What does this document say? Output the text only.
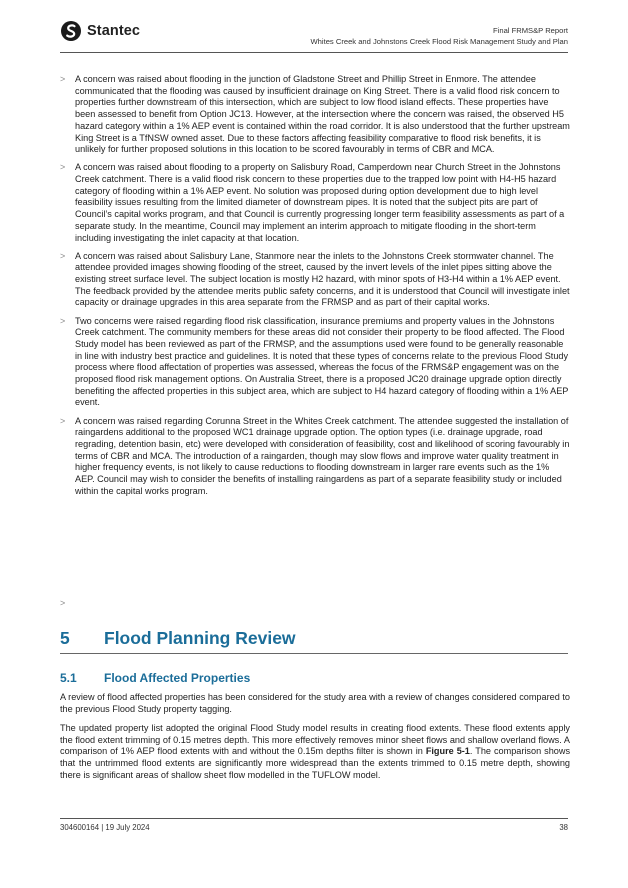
Stantec	Final FRMS&P Report
Whites Creek and Johnstons Creek Flood Risk Management Study and Plan
>	A concern was raised about flooding in the junction of Gladstone Street and Phillip Street in Enmore. The attendee communicated that the flooding was caused by insufficient drainage on King Street. There is a valid flood risk concern to properties further downstream of this intersection, which are subject to low flood island effects. These properties have been assessed to benefit from Option JC13. However, at the intersection where the concern was raised, the observed H5 hazard category within a 1% AEP event is contained within the road corridor. It is also understood that the further upstream King Street is a TfNSW owned asset. Due to these factors affecting feasibility comparative to flood risk benefits, it is unlikely for further proposed solutions in this location to be scored favourably in terms of CBR and MCA.
>	A concern was raised about flooding to a property on Salisbury Road, Camperdown near Church Street in the Johnstons Creek catchment. There is a valid flood risk concern to these properties due to the trapped low point with H4-H5 hazard category of flooding within a 1% AEP event. No solution was proposed during option development due to high level feasibility issues resulting from the limited diameter of downstream pipes. It is noted that the subject pits are part of Council’s capital works program, and that Council is currently progressing longer term feasibility assessments as part of a separate study. In the meantime, Council may implement an interim approach to mitigate flooding in the short-term including investigating the inlet capacity at that location.
>	A concern was raised about Salisbury Lane, Stanmore near the inlets to the Johnstons Creek stormwater channel. The attendee provided images showing flooding of the street, caused by the invert levels of the inlet pipes sitting above the existing street surface level. The subject location is mostly H2 hazard, with minor spots of H3-H4 within a 1% AEP event. The feedback provided by the attendee merits public safety concerns, and it is understood that Council will investigate inlet capacity or drainage upgrades in this area separate from the FRMSP and as part of their capital works.
>	Two concerns were raised regarding flood risk classification, insurance premiums and property values in the Johnstons Creek catchment. The community members for these areas did not consider their property to be flood affected. The Flood Study model has been reviewed as part of the FRMSP, and the assumptions used were found to be generally reasonable in line with industry best practice and guidelines. It is noted that these types of concerns relate to the previous Flood Study process where flood affectation of properties was assessed, whereas the focus of the FRMS&P engagement was on the proposed flood risk management options. On Australia Street, there is a proposed JC20 drainage upgrade option directly benefiting the affected properties in this subject area, which are subject to H4 hazard category of flooding within a 1% AEP event.
>	A concern was raised regarding Corunna Street in the Whites Creek catchment. The attendee suggested the installation of raingardens additional to the proposed WC1 drainage upgrade option. The option types (i.e. drainage upgrade, road regrading, detention basin, etc) were developed with consideration of feasibility, cost and likelihood of scoring favourably in terms of CBR and MCA. The introduction of a raingarden, though may slow flows and improve water quality treatment in higher frequency events, is not likely to cause reductions to flooding downstream in larger rare events such as the 1% AEP. Council may wish to consider the benefits of installing raingardens as part of a separate feasibility study or included within the capital works program.
>
5 Flood Planning Review
5.1 Flood Affected Properties
A review of flood affected properties has been considered for the study area with a review of changes considered compared to the previous Flood Study property tagging.
The updated property list adopted the original Flood Study model results in creating flood extents. These flood extents apply the flood extent trimming of 0.15 metres depth. This more effectively removes minor sheet flows and shallow overland flows. A comparison of 1% AEP flood extents with and without the 0.15m depths filter is shown in Figure 5-1. The comparison shows that the untrimmed flood extents are significantly more widespread than the extents trimmed to 0.15 metre depth, showing there is significant areas of shallow sheet flow modelled in the TUFLOW model.
304600164 | 19 July 2024	38
